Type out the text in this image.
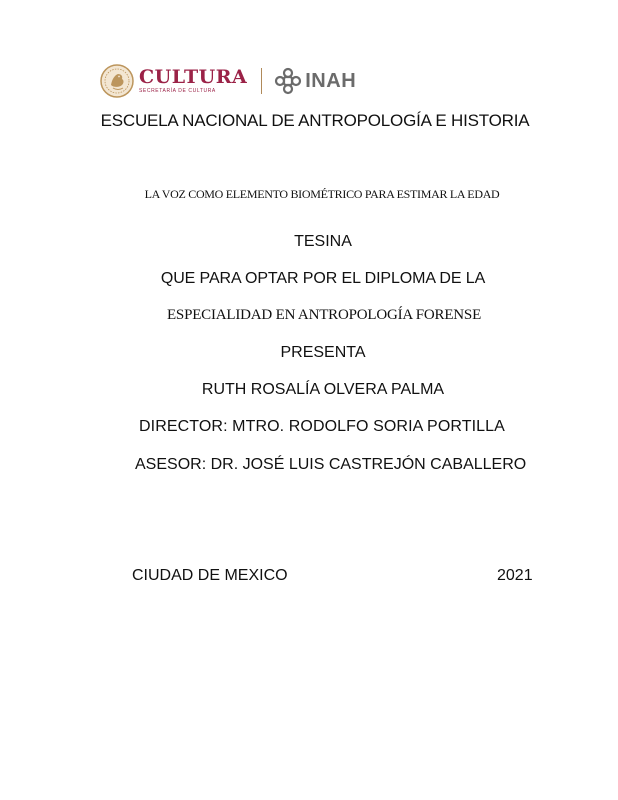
CULTURA
SECRETARÍA DE CULTURA	INAH
ESCUELA NACIONAL DE ANTROPOLOGÍA E HISTORIA
LA VOZ COMO ELEMENTO BIOMÉTRICO PARA ESTIMAR LA EDAD
TESINA
QUE PARA OPTAR POR EL DIPLOMA DE LA
ESPECIALIDAD EN ANTROPOLOGÍA FORENSE
PRESENTA
RUTH ROSALÍA OLVERA PALMA
DIRECTOR: MTRO. RODOLFO SORIA PORTILLA
ASESOR: DR. JOSÉ LUIS CASTREJÓN CABALLERO
CIUDAD DE MEXICO	2021
